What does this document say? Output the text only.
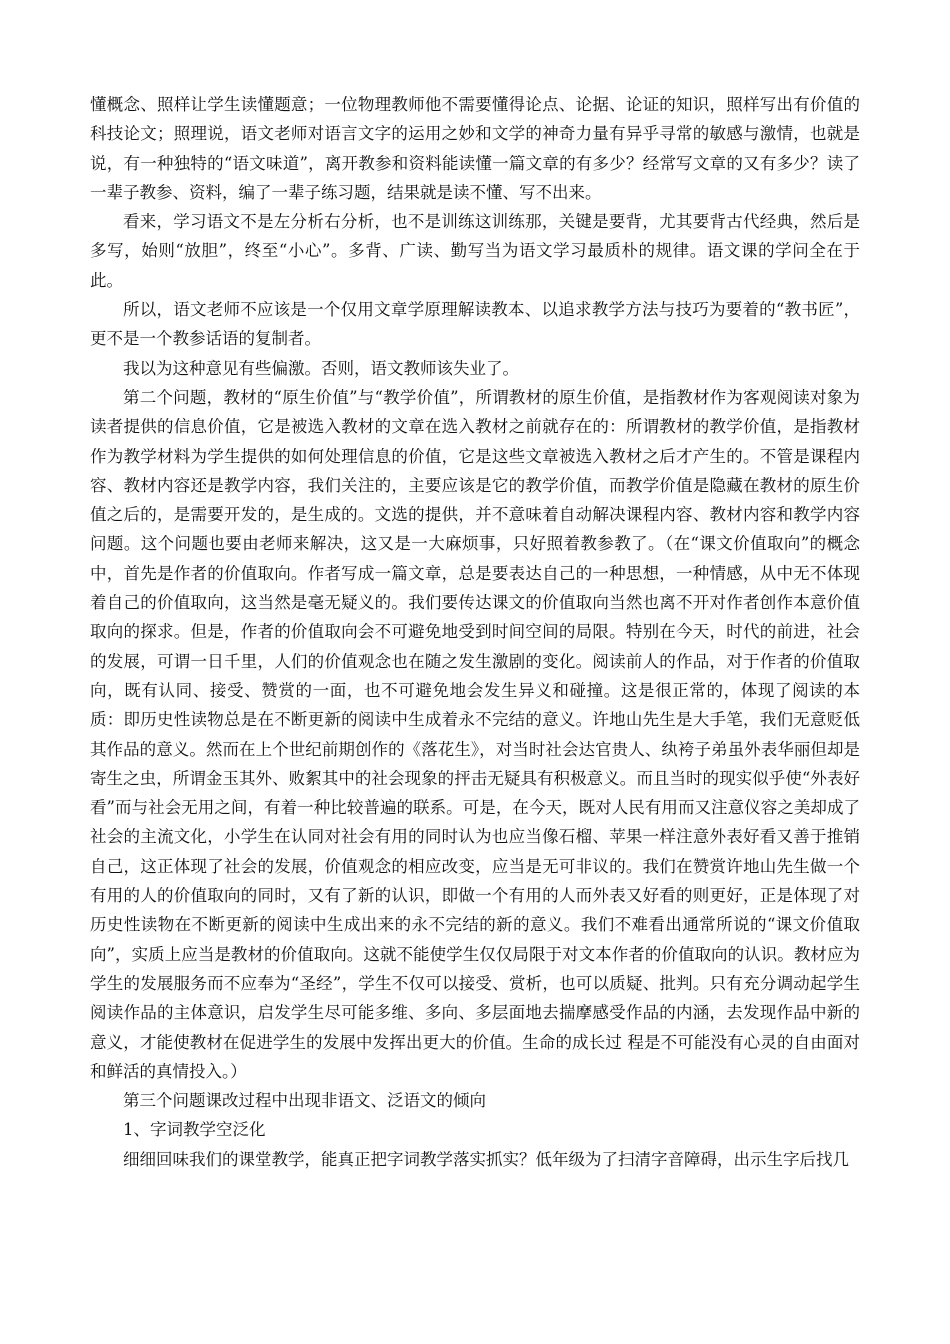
懂概念、照样让学生读懂题意；一位物理教师他不需要懂得论点、论据、论证的知识，照样写出有价值的科技论文；照理说，语文老师对语言文字的运用之妙和文学的神奇力量有异乎寻常的敏感与激情，也就是说，有一种独特的“语文味道”，离开教参和资料能读懂一篇文章的有多少？经常写文章的又有多少？读了一辈子教参、资料，编了一辈子练习题，结果就是读不懂、写不出来。

看来，学习语文不是左分析右分析，也不是训练这训练那，关键是要背，尤其要背古代经典，然后是多写，始则“放胆”，终至“小心”。多背、广读、勤写当为语文学习最质朴的规律。语文课的学问全在于此。

所以，语文老师不应该是一个仅用文章学原理解读教本、以追求教学方法与技巧为要着的“教书匠”，更不是一个教参话语的复制者。

我以为这种意见有些偏激。否则，语文教师该失业了。

第二个问题，教材的“原生价值”与“教学价值”，所谓教材的原生价值，是指教材作为客观阅读对象为读者提供的信息价值，它是被选入教材的文章在选入教材之前就存在的：所谓教材的教学价值，是指教材作为教学材料为学生提供的如何处理信息的价值，它是这些文章被选入教材之后才产生的。不管是课程内容、教材内容还是教学内容，我们关注的，主要应该是它的教学价值，而教学价值是隐藏在教材的原生价值之后的，是需要开发的，是生成的。文选的提供，并不意味着自动解决课程内容、教材内容和教学内容问题。这个问题也要由老师来解决，这又是一大麻烦事，只好照着教参教了。（在“课文价值取向”的概念中，首先是作者的价值取向。作者写成一篇文章，总是要表达自己的一种思想，一种情感，从中无不体现着自己的价值取向，这当然是毫无疑义的。我们要传达课文的价值取向当然也离不开对作者创作本意价值取向的探求。但是，作者的价值取向会不可避免地受到时间空间的局限。特别在今天，时代的前进，社会的发展，可谓一日千里，人们的价值观念也在随之发生激剧的变化。阅读前人的作品，对于作者的价值取向，既有认同、接受、赞赏的一面，也不可避免地会发生异义和碰撞。这是很正常的，体现了阅读的本质：即历史性读物总是在不断更新的阅读中生成着永不完结的意义。许地山先生是大手笔，我们无意贬低其作品的意义。然而在上个世纪前期创作的《落花生》，对当时社会达官贵人、纨袴子弟虽外表华丽但却是寄生之虫，所谓金玉其外、败絮其中的社会现象的抨击无疑具有积极意义。而且当时的现实似乎使“外表好看”而与社会无用之间，有着一种比较普遍的联系。可是，在今天，既对人民有用而又注意仪容之美却成了社会的主流文化，小学生在认同对社会有用的同时认为也应当像石榴、苹果一样注意外表好看又善于推销自己，这正体现了社会的发展，价值观念的相应改变，应当是无可非议的。我们在赞赏许地山先生做一个有用的人的价值取向的同时，又有了新的认识，即做一个有用的人而外表又好看的则更好，正是体现了对历史性读物在不断更新的阅读中生成出来的永不完结的新的意义。我们不难看出通常所说的“课文价值取向”，实质上应当是教材的价值取向。这就不能使学生仅仅局限于对文本作者的价值取向的认识。教材应为学生的发展服务而不应奉为“圣经”，学生不仅可以接受、赏析，也可以质疑、批判。只有充分调动起学生阅读作品的主体意识，启发学生尽可能多维、多向、多层面地去揣摩感受作品的内涵，去发现作品中新的意义，才能使教材在促进学生的发展中发挥出更大的价值。生命的成长过 程是不可能没有心灵的自由面对和鲜活的真情投入。）

第三个问题课改过程中出现非语文、泛语文的倾向

1、字词教学空泛化

细细回味我们的课堂教学，能真正把字词教学落实抓实？低年级为了扫清字音障碍，出示生字后找几
